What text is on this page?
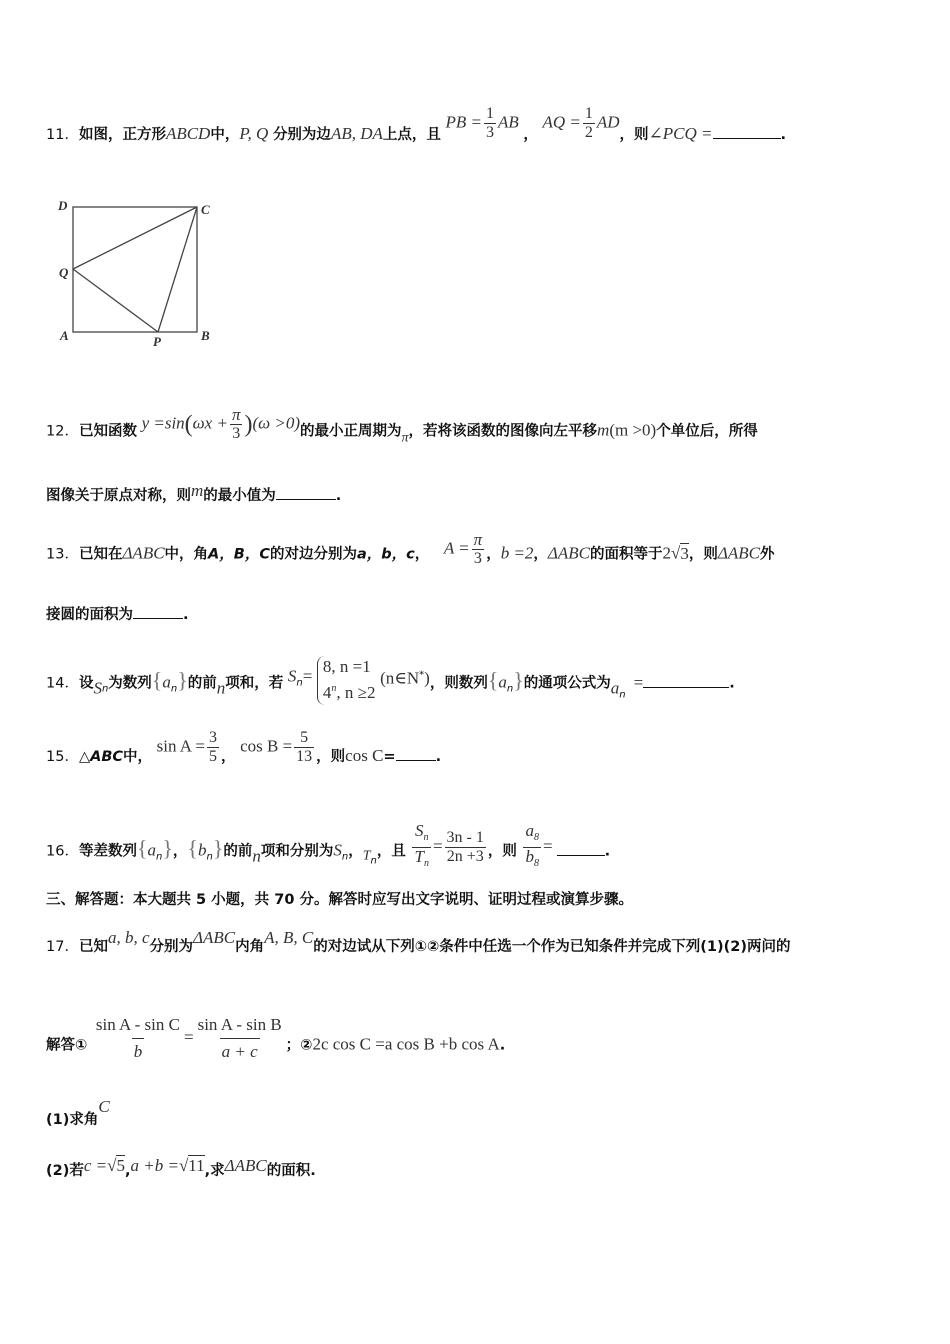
11．如图，正方形ABCD中，P, Q 分别为边AB, DA上点，且 PB = $\frac{1}{3}$ AB ， AQ = $\frac{1}{2}$ AD，则∠PCQ =	.
D	C
Q
A	P	B
12．已知函数 $y =\sin(\omega x + \frac{\pi}{3} )(\omega >0)$的最小正周期为π，若将该函数的图像向左平移m(m >0)个单位后，所得
图像关于原点对称，则m的最小值为	.
13．已知在ΔABC中，角A，B，C的对边分别为a，b，c， $A = \frac{\pi}{3}$ ，b =2，ΔABC的面积等于2√3，则ΔABC外
接圆的面积为	.
14．设$S_n$为数列$\{a_n\}$的前n项和，若 $S^n= 8$, n =1
4$^n$, n ≥2
(n∈N*)，则数列$\{a_n\}$的通项公式为$a_n=$	.
15．△ABC中， $\sin A = \frac{3}{5}$ ， $\cos B = \frac{5}{13}$ ，则cos C=	.
16．等差数列$\{a_n\}$，$\{b_n\}$的前n项和分别为$S_n$，$T_n$，且 $\frac{S_n}{T_n} = \frac{3n - 1}{2n +3}$ ，则 $\frac{a_8}{b_8}$ =	.
三、解答题：本大题共 5 小题，共 70 分。解答时应写出文字说明、证明过程或演算步骤。
17．已知a, b, c分别为ΔABC内角A, B, C的对边试从下列①②条件中任选一个作为已知条件并完成下列(1)(2)两问的
解答① $\frac{\text{sin A - sin C}}{b} = \frac{\text{sin A - sin B}}{a + c}$ ；②2c cos C =a cos B +b cos A.
(1)求角C
(2)若c =√5,a +b =√11,求ΔABC的面积.
